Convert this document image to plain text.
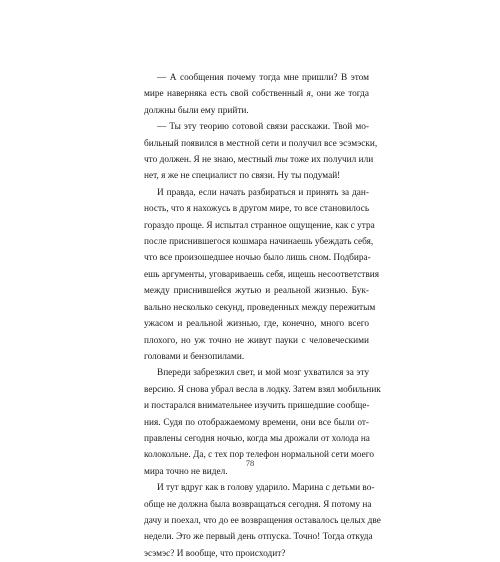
— А сообщения почему тогда мне пришли? В этом
мире наверняка есть свой собственный я, они же тогда
должны были ему прийти.
— Ты эту теорию сотовой связи расскажи. Твой мо-
бильный появился в местной сети и получил все эсэмэски,
что должен. Я не знаю, местный ты тоже их получил или
нет, я же не специалист по связи. Ну ты подумай!
И правда, если начать разбираться и принять за дан-
ность, что я нахожусь в другом мире, то все становилось
гораздо проще. Я испытал странное ощущение, как с утра
после приснившегося кошмара начинаешь убеждать себя,
что все произошедшее ночью было лишь сном. Подбира-
ешь аргументы, уговариваешь себя, ищешь несоответствия
между приснившейся жутью и реальной жизнью. Бук-
вально несколько секунд, проведенных между пережитым
ужасом и реальной жизнью, где, конечно, много всего
плохого, но уж точно не живут пауки с человеческими
головами и бензопилами.
Впереди забрезжил свет, и мой мозг ухватился за эту
версию. Я снова убрал весла в лодку. Затем взял мобильник
и постарался внимательнее изучить пришедшие сообще-
ния. Судя по отображаемому времени, они все были от-
правлены сегодня ночью, когда мы дрожали от холода на
колокольне. Да, с тех пор телефон нормальной сети моего
мира точно не видел.
И тут вдруг как в голову ударило. Марина с детьми во-
обще не должна была возвращаться сегодня. Я потому на
дачу и поехал, что до ее возвращения оставалось целых две
недели. Это же первый день отпуска. Точно! Тогда откуда
эсэмэс? И вообще, что происходит?
78
